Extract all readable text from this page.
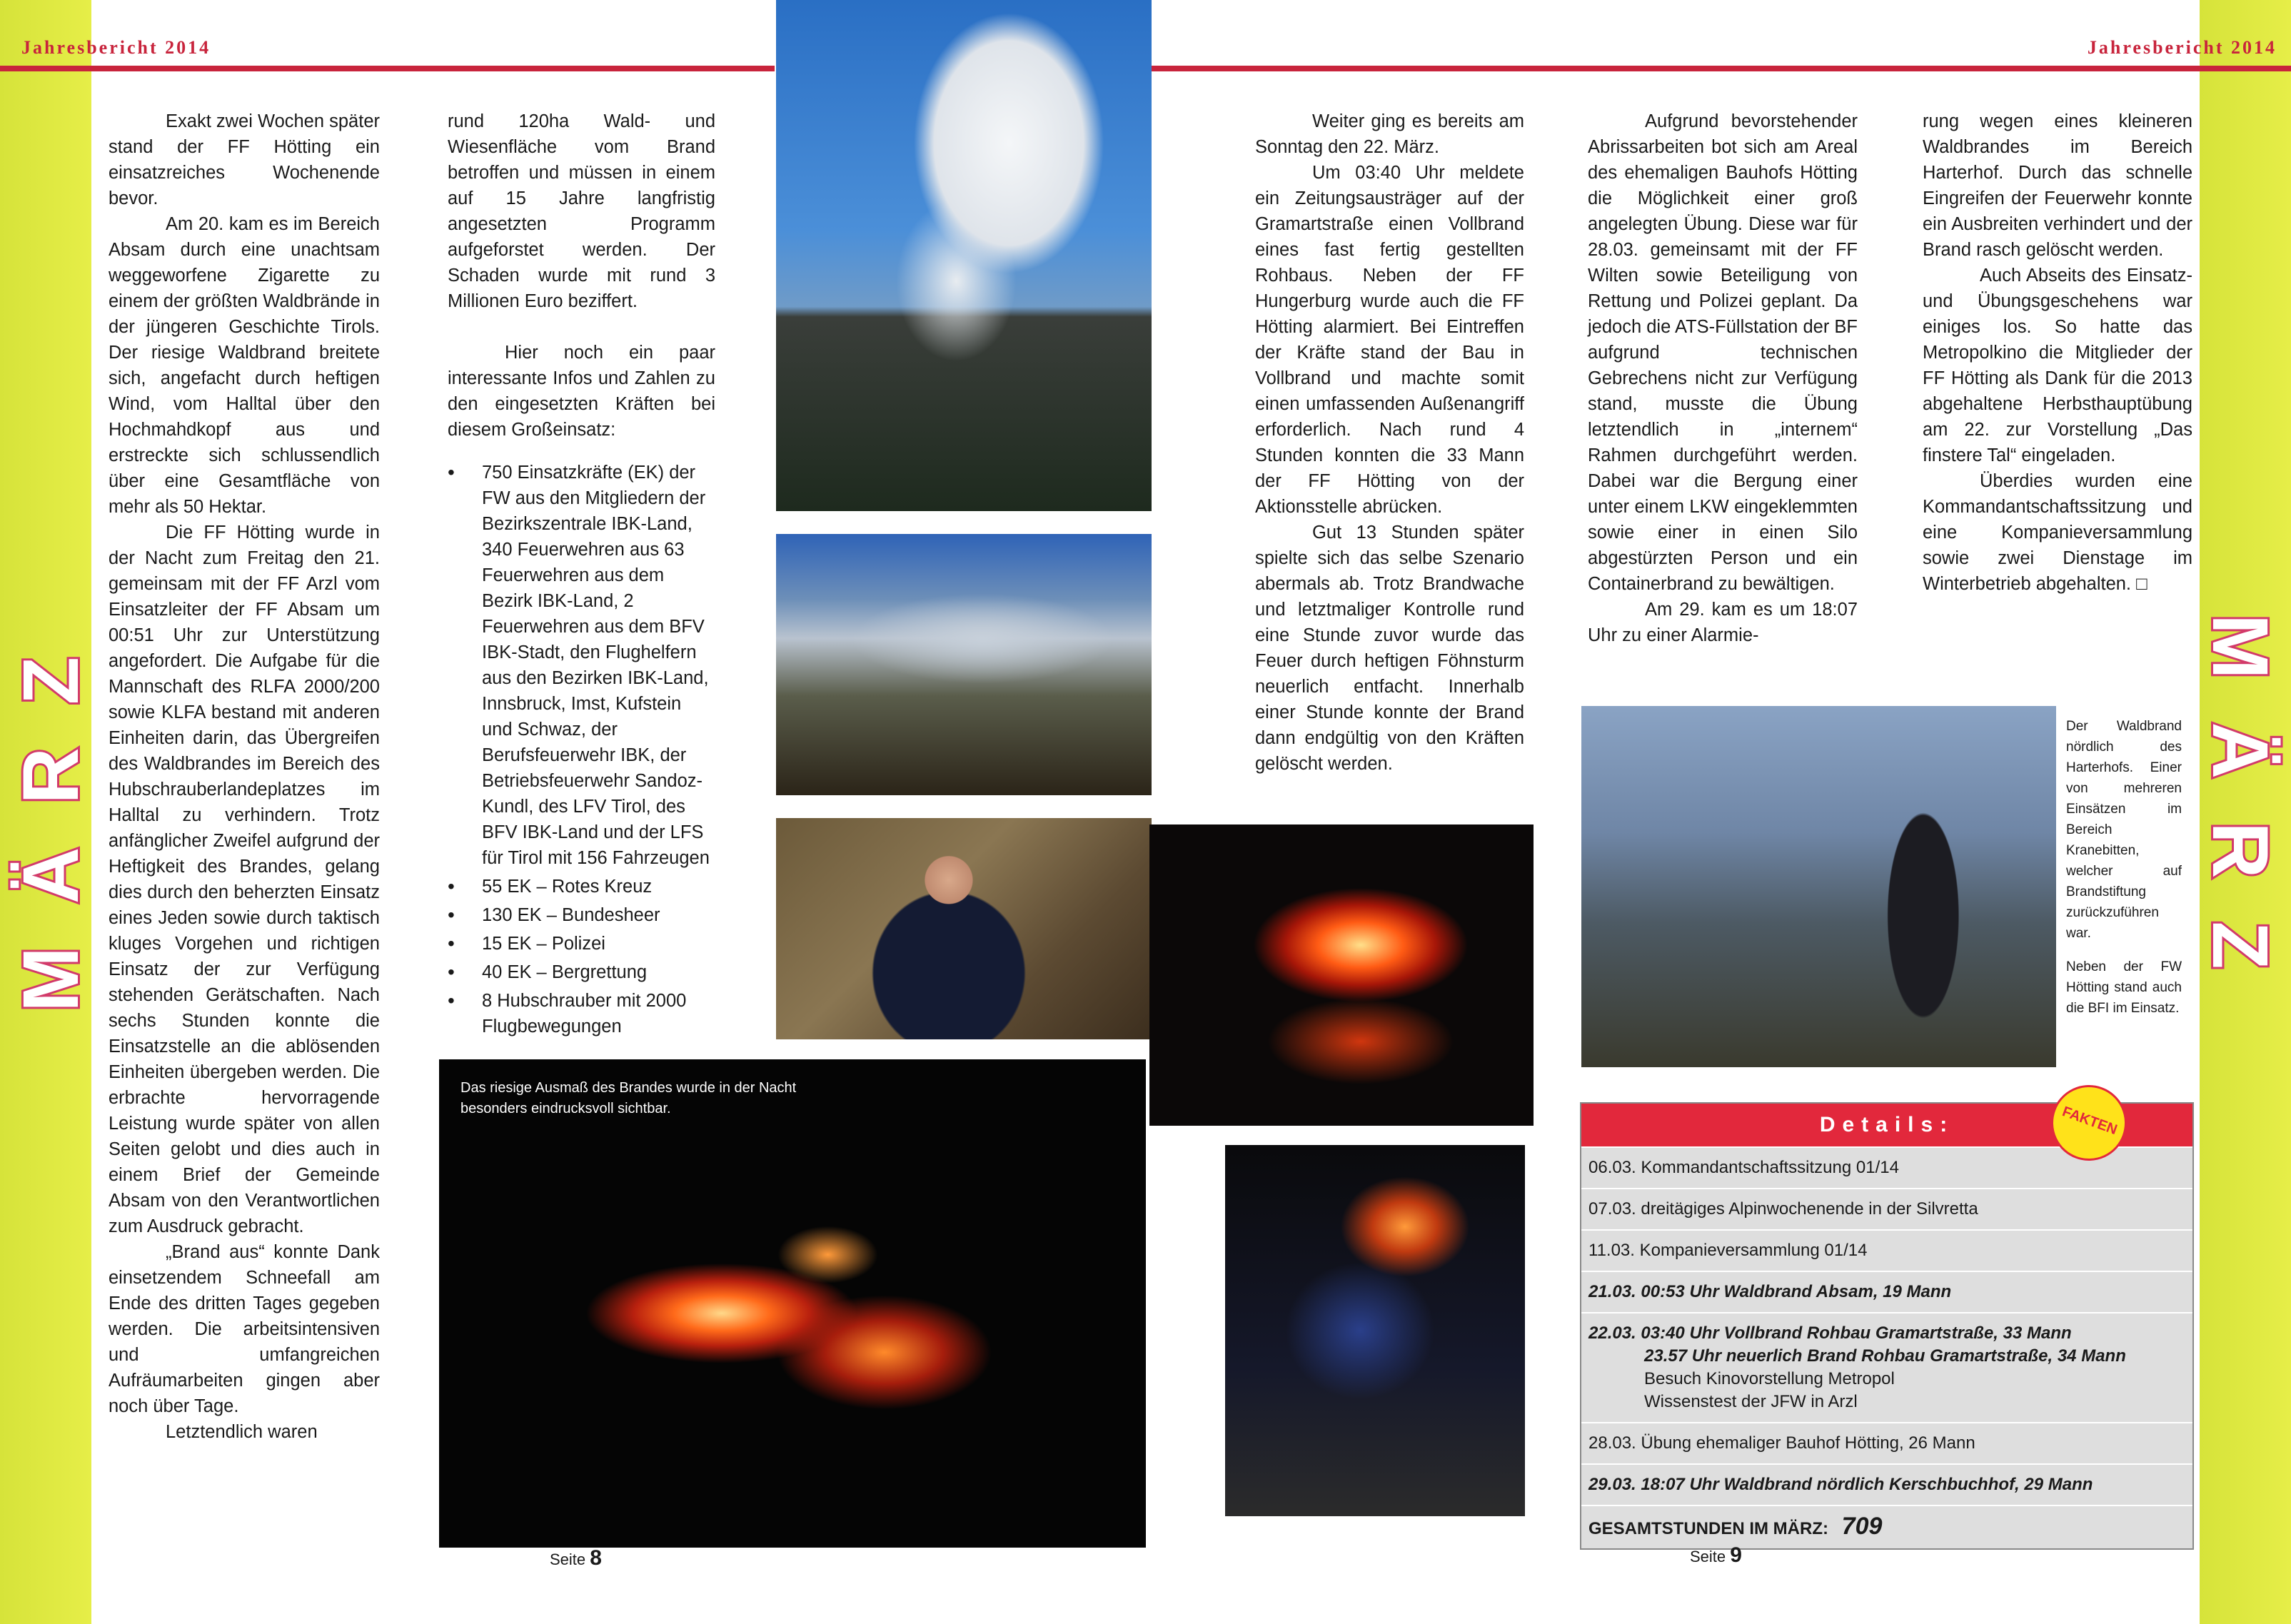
MÄRZ	MÄRZ
Jahresbericht 2014	Jahresbericht 2014

Exakt zwei Wochen später stand der FF Hötting ein einsatzreiches Wochenende bevor.

Am 20. kam es im Bereich Absam durch eine unachtsam weggeworfene Zigarette zu einem der größten Waldbrände in der jüngeren Geschichte Tirols. Der riesige Waldbrand breitete sich, angefacht durch heftigen Wind, vom Halltal über den Hochmahdkopf aus und erstreckte sich schlussendlich über eine Gesamtfläche von mehr als 50 Hektar.

Die FF Hötting wurde in der Nacht zum Freitag den 21. gemeinsam mit der FF Arzl vom Einsatzleiter der FF Absam um 00:51 Uhr zur Unterstützung angefordert. Die Aufgabe für die Mannschaft des RLFA 2000/200 sowie KLFA bestand mit anderen Einheiten darin, das Übergreifen des Waldbrandes im Bereich des Hubschrauberlandeplatzes im Halltal zu verhindern. Trotz anfänglicher Zweifel aufgrund der Heftigkeit des Brandes, gelang dies durch den beherzten Einsatz eines Jeden sowie durch taktisch kluges Vorgehen und richtigen Einsatz der zur Verfügung stehenden Gerätschaften. Nach sechs Stunden konnte die Einsatzstelle an die ablösenden Einheiten übergeben werden. Die erbrachte hervorragende Leistung wurde später von allen Seiten gelobt und dies auch in einem Brief der Gemeinde Absam von den Verantwortlichen zum Ausdruck gebracht.

„Brand aus“ konnte Dank einsetzendem Schneefall am Ende des dritten Tages gegeben werden. Die arbeitsintensiven und umfangreichen Aufräumarbeiten gingen aber noch über Tage.

Letztendlich waren

rund 120ha Wald- und Wiesenfläche vom Brand betroffen und müssen in einem auf 15 Jahre langfristig angesetzten Programm aufgeforstet werden. Der Schaden wurde mit rund 3 Millionen Euro beziffert.

Hier noch ein paar interessante Infos und Zahlen zu den eingesetzten Kräften bei diesem Großeinsatz:

• 750 Einsatzkräfte (EK) der FW aus den Mitgliedern der Bezirkszentrale IBK-Land, 340 Feuerwehren aus 63 Feuerwehren aus dem Bezirk IBK-Land, 2 Feuerwehren aus dem BFV IBK-Stadt, den Flughelfern aus den Bezirken IBK-Land, Innsbruck, Imst, Kufstein und Schwaz, der Berufsfeuerwehr IBK, der Betriebsfeuerwehr Sandoz-Kundl, des LFV Tirol, des BFV IBK-Land und der LFS für Tirol mit 156 Fahrzeugen
• 55 EK – Rotes Kreuz
• 130 EK – Bundesheer
• 15 EK – Polizei
• 40 EK – Bergrettung
• 8 Hubschrauber mit 2000 Flugbewegungen
Das riesige Ausmaß des Brandes wurde in der Nacht besonders eindrucksvoll sichtbar.
Seite 8

Weiter ging es bereits am Sonntag den 22. März.

Um 03:40 Uhr meldete ein Zeitungsausträger auf der Gramartstraße einen Vollbrand eines fast fertig gestellten Rohbaus. Neben der FF Hungerburg wurde auch die FF Hötting alarmiert. Bei Eintreffen der Kräfte stand der Bau in Vollbrand und machte somit einen umfassenden Außenangriff erforderlich. Nach rund 4 Stunden konnten die 33 Mann der FF Hötting von der Aktionsstelle abrücken.

Gut 13 Stunden später spielte sich das selbe Szenario abermals ab. Trotz Brandwache und letztmaliger Kontrolle rund eine Stunde zuvor wurde das Feuer durch heftigen Föhnsturm neuerlich entfacht. Innerhalb einer Stunde konnte der Brand dann endgültig von den Kräften gelöscht werden.

Aufgrund bevorstehender Abrissarbeiten bot sich am Areal des ehemaligen Bauhofs Hötting die Möglichkeit einer groß angelegten Übung. Diese war für 28.03. gemeinsamt mit der FF Wilten sowie Beteiligung von Rettung und Polizei geplant. Da jedoch die ATS-Füllstation der BF aufgrund technischen Gebrechens nicht zur Verfügung stand, musste die Übung letztendlich in „internem“ Rahmen durchgeführt werden. Dabei war die Bergung einer unter einem LKW eingeklemmten sowie einer in einen Silo abgestürzten Person und ein Containerbrand zu bewältigen.

Am 29. kam es um 18:07 Uhr zu einer Alarmie-

rung wegen eines kleineren Waldbrandes im Bereich Harterhof. Durch das schnelle Eingreifen der Feuerwehr konnte ein Ausbreiten verhindert und der Brand rasch gelöscht werden.

Auch Abseits des Einsatz- und Übungsgeschehens war einiges los. So hatte das Metropolkino die Mitglieder der FF Hötting als Dank für die 2013 abgehaltene Herbsthauptübung am 22. zur Vorstellung „Das finstere Tal“ eingeladen.

Überdies wurden eine Kommandantschaftssitzung und eine Kompanieversammlung sowie zwei Dienstage im Winterbetrieb abgehalten. □

Der Waldbrand nördlich des Harterhofs. Einer von mehreren Einsätzen im Bereich Kranebitten, welcher auf Brandstiftung zurückzuführen war.
Neben der FW Hötting stand auch die BFI im Einsatz.
Details:
06.03. Kommandantschaftssitzung 01/14
07.03. dreitägiges Alpinwochenende in der Silvretta
11.03. Kompanieversammlung 01/14
21.03. 00:53 Uhr Waldbrand Absam, 19 Mann
22.03. 03:40 Uhr Vollbrand Rohbau Gramartstraße, 33 Mann
23.57 Uhr neuerlich Brand Rohbau Gramartstraße, 34 Mann
Besuch Kinovorstellung Metropol
Wissenstest der JFW in Arzl
28.03. Übung ehemaliger Bauhof Hötting, 26 Mann
29.03. 18:07 Uhr Waldbrand nördlich Kerschbuchhof, 29 Mann
GESAMTSTUNDEN IM MÄRZ: 709
FAKTEN
Seite 9
